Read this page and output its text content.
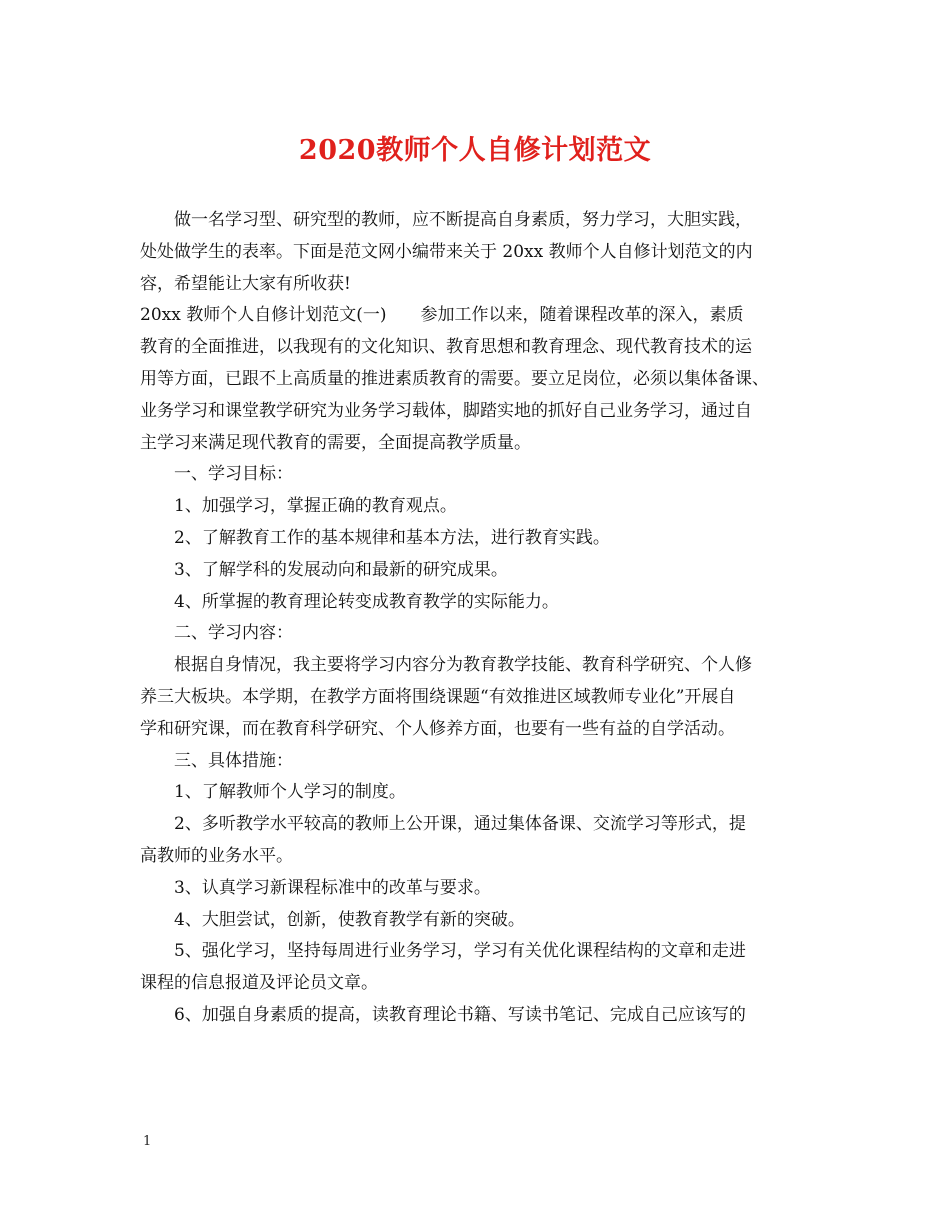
2020教师个人自修计划范文

做一名学习型、研究型的教师，应不断提高自身素质，努力学习，大胆实践，

处处做学生的表率。下面是范文网小编带来关于 20xx 教师个人自修计划范文的内

容，希望能让大家有所收获!

20xx 教师个人自修计划范文(一)　　参加工作以来，随着课程改革的深入，素质

教育的全面推进，以我现有的文化知识、教育思想和教育理念、现代教育技术的运

用等方面，已跟不上高质量的推进素质教育的需要。要立足岗位，必须以集体备课、

业务学习和课堂教学研究为业务学习载体，脚踏实地的抓好自己业务学习，通过自

主学习来满足现代教育的需要，全面提高教学质量。

一、学习目标：

1、加强学习，掌握正确的教育观点。

2、了解教育工作的基本规律和基本方法，进行教育实践。

3、了解学科的发展动向和最新的研究成果。

4、所掌握的教育理论转变成教育教学的实际能力。

二、学习内容：

根据自身情况，我主要将学习内容分为教育教学技能、教育科学研究、个人修

养三大板块。本学期，在教学方面将围绕课题“有效推进区域教师专业化”开展自

学和研究课，而在教育科学研究、个人修养方面，也要有一些有益的自学活动。

三、具体措施：

1、了解教师个人学习的制度。

2、多听教学水平较高的教师上公开课，通过集体备课、交流学习等形式，提

高教师的业务水平。

3、认真学习新课程标准中的改革与要求。

4、大胆尝试，创新，使教育教学有新的突破。

5、强化学习，坚持每周进行业务学习，学习有关优化课程结构的文章和走进

课程的信息报道及评论员文章。

6、加强自身素质的提高，读教育理论书籍、写读书笔记、完成自己应该写的

1
